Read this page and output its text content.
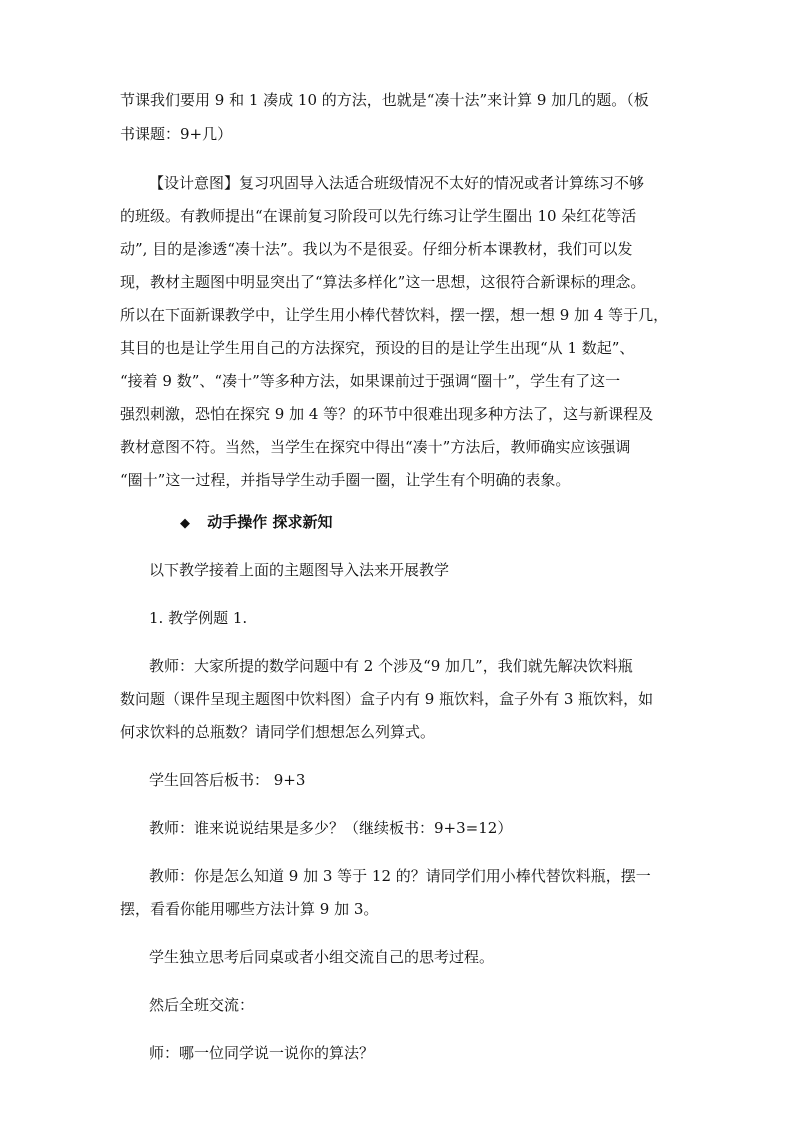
节课我们要用 9 和 1 凑成 10 的方法，也就是“凑十法”来计算 9 加几的题。（板
书课题：9+几）
【设计意图】复习巩固导入法适合班级情况不太好的情况或者计算练习不够
的班级。有教师提出“在课前复习阶段可以先行练习让学生圈出 10 朵红花等活
动”, 目的是渗透“凑十法”。我以为不是很妥。仔细分析本课教材，我们可以发
现，教材主题图中明显突出了“算法多样化”这一思想，这很符合新课标的理念。
所以在下面新课教学中，让学生用小棒代替饮料，摆一摆，想一想 9 加 4 等于几，
其目的也是让学生用自己的方法探究，预设的目的是让学生出现“从 1 数起”、
“接着 9 数”、“凑十”等多种方法，如果课前过于强调“圈十”，学生有了这一
强烈刺激，恐怕在探究 9 加 4 等？的环节中很难出现多种方法了，这与新课程及
教材意图不符。当然，当学生在探究中得出“凑十”方法后，教师确实应该强调
“圈十”这一过程，并指导学生动手圈一圈，让学生有个明确的表象。
◆ 动手操作 探求新知
以下教学接着上面的主题图导入法来开展教学
1. 教学例题 1.
教师：大家所提的数学问题中有 2 个涉及“9 加几”，我们就先解决饮料瓶
数问题（课件呈现主题图中饮料图）盒子内有 9 瓶饮料，盒子外有 3 瓶饮料，如
何求饮料的总瓶数？请同学们想想怎么列算式。
学生回答后板书： 9+3
教师：谁来说说结果是多少？（继续板书：9+3=12）
教师：你是怎么知道 9 加 3 等于 12 的？请同学们用小棒代替饮料瓶，摆一
摆，看看你能用哪些方法计算 9 加 3。
学生独立思考后同桌或者小组交流自己的思考过程。
然后全班交流：
师：哪一位同学说一说你的算法？
